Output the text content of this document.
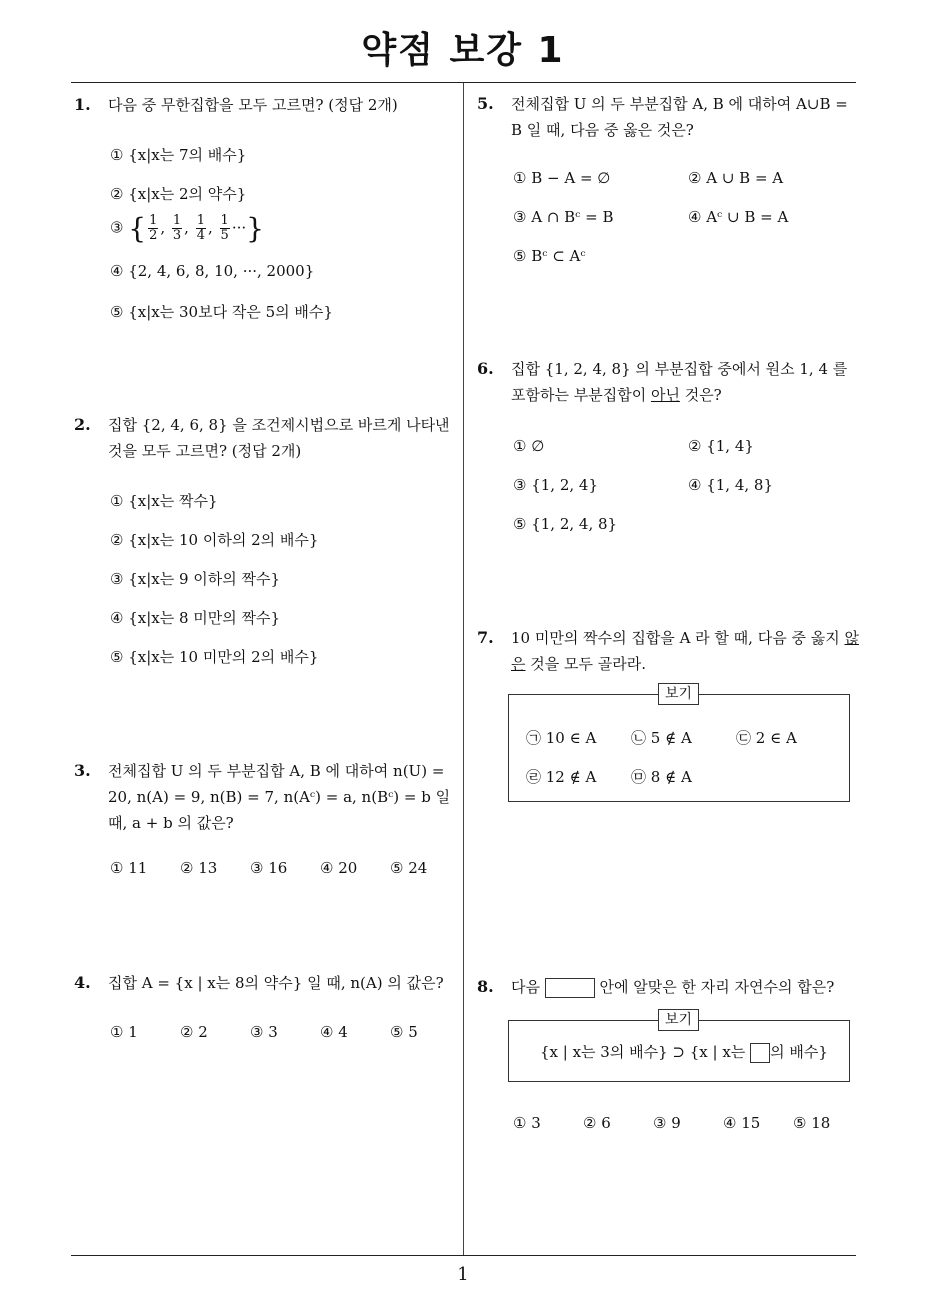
약점 보강 1
1. 다음 중 무한집합을 모두 고르면? (정답 2개)
① {x|x는 7의 배수}
② {x|x는 2의 약수}
③ { $\frac{1}{2}$ , $\frac{1}{3}$ , $\frac{1}{4}$ , $\frac{1}{5}$ ···}
④ {2, 4, 6, 8, 10, ···, 2000}
⑤ {x|x는 30보다 작은 5의 배수}
2. 집합 {2, 4, 6, 8} 을 조건제시법으로 바르게 나타낸 것을 모두 고르면? (정답 2개)
① {x|x는 짝수}
② {x|x는 10 이하의 2의 배수}
③ {x|x는 9 이하의 짝수}
④ {x|x는 8 미만의 짝수}
⑤ {x|x는 10 미만의 2의 배수}
3. 전체집합 U 의 두 부분집합 A, B 에 대하여 n(U) = 20, n(A) = 9, n(B) = 7, n(Aᶜ) = a, n(Bᶜ) = b 일 때, a + b 의 값은?
① 11 ② 13 ③ 16 ④ 20 ⑤ 24
4. 집합 A = {x | x는 8의 약수} 일 때, n(A) 의 값은?
① 1	② 2	③ 3	④ 4	⑤ 5
5. 전체집합 U 의 두 부분집합 A, B 에 대하여 A∪B = B 일 때, 다음 중 옳은 것은?
① B − A = ∅	② A ∪ B = A
③ A ∩ Bᶜ = B	④ Aᶜ ∪ B = A
⑤ Bᶜ ⊂ Aᶜ
6. 집합 {1, 2, 4, 8} 의 부분집합 중에서 원소 1, 4 를 포함하는 부분집합이 아닌 것은?
① ∅	② {1, 4}
③ {1, 2, 4}	④ {1, 4, 8}
⑤ {1, 2, 4, 8}
7. 10 미만의 짝수의 집합을 A 라 할 때, 다음 중 옳지 않은 것을 모두 골라라.
보기
㉠ 10 ∈ A ㉡ 5 ∉ A	㉢ 2 ∈ A
㉣ 12 ∉ A ㉤ 8 ∉ A
8. 다음	안에 알맞은 한 자리 자연수의 합은?
보기
{x | x는 3의 배수} ⊃ {x | x는 의 배수}
① 3	② 6	③ 9	④ 15 ⑤ 18
1
